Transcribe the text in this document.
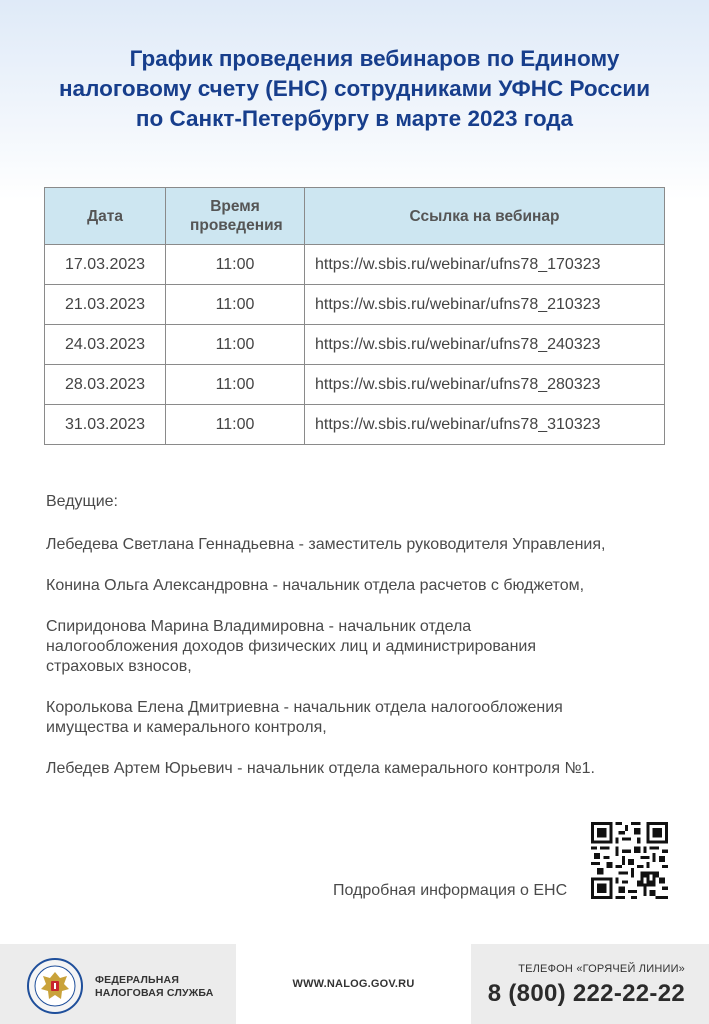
График проведения вебинаров по Единому
налоговому счету (ЕНС) сотрудниками УФНС России
по Санкт-Петербургу в марте 2023 года
Дата	Время проведения	Ссылка на вебинар
17.03.2023	11:00	https://w.sbis.ru/webinar/ufns78_170323
21.03.2023	11:00	https://w.sbis.ru/webinar/ufns78_210323
24.03.2023	11:00	https://w.sbis.ru/webinar/ufns78_240323
28.03.2023	11:00	https://w.sbis.ru/webinar/ufns78_280323
31.03.2023	11:00	https://w.sbis.ru/webinar/ufns78_310323

Ведущие:

Лебедева Светлана Геннадьевна - заместитель руководителя Управления,

Конина Ольга Александровна - начальник отдела расчетов с бюджетом,

Спиридонова Марина Владимировна - начальник отдела налогообложения доходов физических лиц и администрирования страховых взносов,

Королькова Елена Дмитриевна - начальник отдела налогообложения имущества и камерального контроля,

Лебедев Артем Юрьевич - начальник отдела камерального контроля №1.

Подробная информация о ЕНС
ФЕДЕРАЛЬНАЯ
НАЛОГОВАЯ СЛУЖБА
WWW.NALOG.GOV.RU
ТЕЛЕФОН «ГОРЯЧЕЙ ЛИНИИ»
8 (800) 222-22-22
